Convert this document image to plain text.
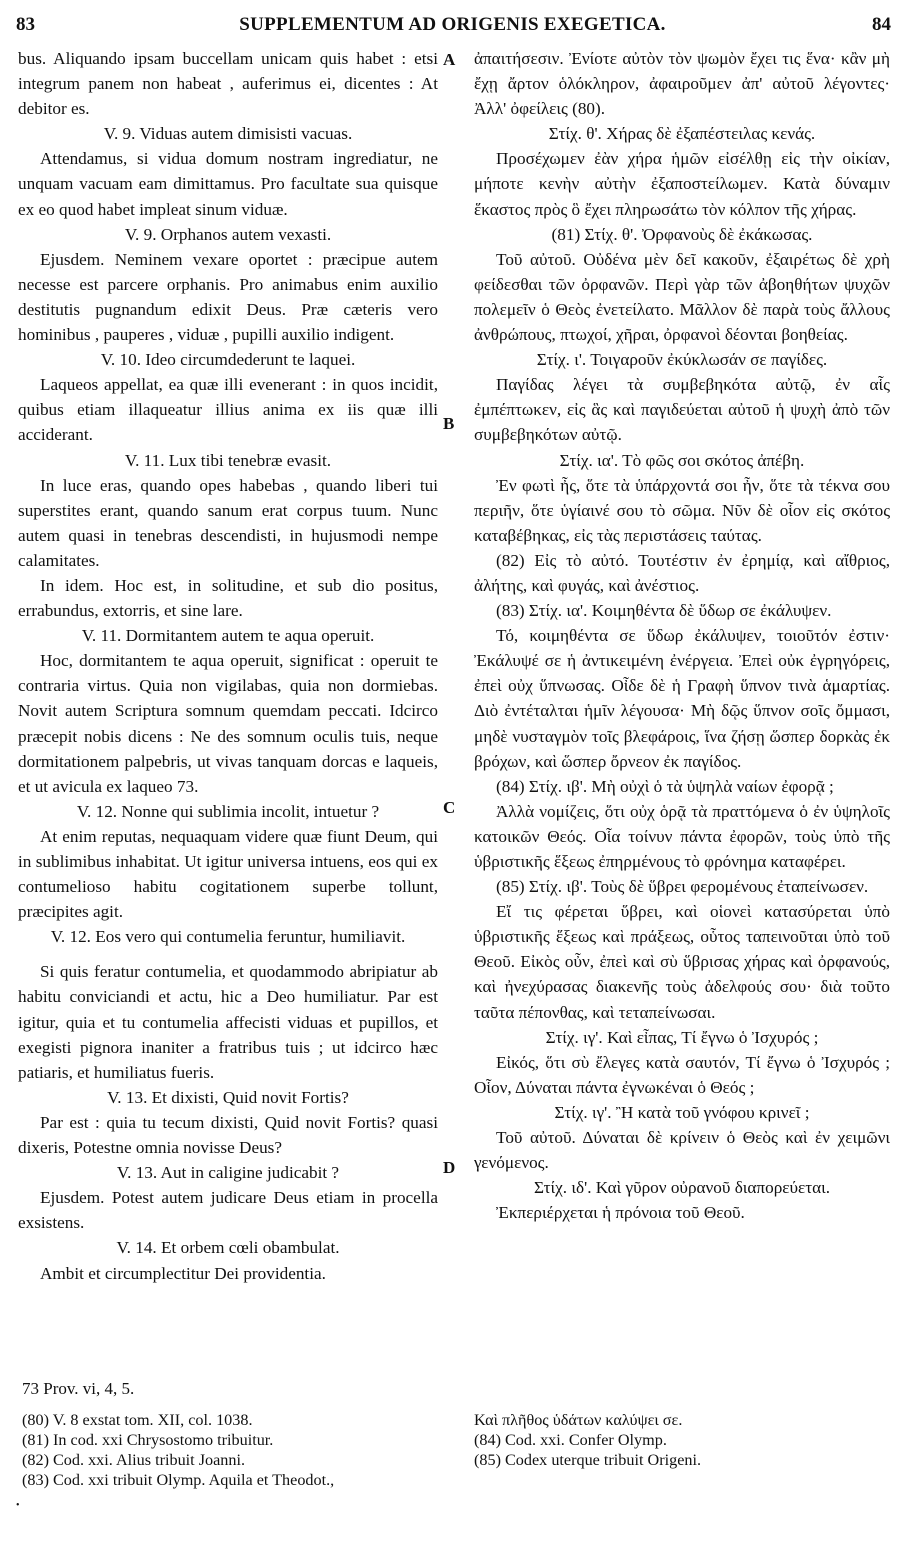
83	SUPPLEMENTUM AD ORIGENIS EXEGETICA.	84

bus. Aliquando ipsam buccellam unicam quis habet : etsi integrum panem non habeat , auferimus ei, dicentes : At debitor es.

V. 9. Viduas autem dimisisti vacuas.

Attendamus, si vidua domum nostram ingrediatur, ne unquam vacuam eam dimittamus. Pro facultate sua quisque ex eo quod habet impleat sinum viduæ.

V. 9. Orphanos autem vexasti.

Ejusdem. Neminem vexare oportet : præcipue autem necesse est parcere orphanis. Pro animabus enim auxilio destitutis pugnandum edixit Deus. Præ cæteris vero hominibus , pauperes , viduæ , pupilli auxilio indigent.

V. 10. Ideo circumdederunt te laquei.

Laqueos appellat, ea quæ illi evenerant : in quos incidit, quibus etiam illaqueatur illius anima ex iis quæ illi acciderant.

V. 11. Lux tibi tenebræ evasit.

In luce eras, quando opes habebas , quando liberi tui superstites erant, quando sanum erat corpus tuum. Nunc autem quasi in tenebras descendisti, in hujusmodi nempe calamitates.

In idem. Hoc est, in solitudine, et sub dio positus, errabundus, extorris, et sine lare.

V. 11. Dormitantem autem te aqua operuit.

Hoc, dormitantem te aqua operuit, significat : operuit te contraria virtus. Quia non vigilabas, quia non dormiebas. Novit autem Scriptura somnum quemdam peccati. Idcirco præcepit nobis dicens : Ne des somnum oculis tuis, neque dormitationem palpebris, ut vivas tanquam dorcas e laqueis, et ut avicula ex laqueo 73.

V. 12. Nonne qui sublimia incolit, intuetur ?

At enim reputas, nequaquam videre quæ fiunt Deum, qui in sublimibus inhabitat. Ut igitur universa intuens, eos qui ex contumelioso habitu cogitationem superbe tollunt, præcipites agit.

V. 12. Eos vero qui contumelia feruntur, humiliavit.

Si quis feratur contumelia, et quodammodo abripiatur ab habitu conviciandi et actu, hic a Deo humiliatur. Par est igitur, quia et tu contumelia affecisti viduas et pupillos, et exegisti pignora inaniter a fratribus tuis ; ut idcirco hæc patiaris, et humiliatus fueris.

V. 13. Et dixisti, Quid novit Fortis?

Par est : quia tu tecum dixisti, Quid novit Fortis? quasi dixeris, Potestne omnia novisse Deus?

V. 13. Aut in caligine judicabit ?

Ejusdem. Potest autem judicare Deus etiam in procella exsistens.

V. 14. Et orbem cœli obambulat.

Ambit et circumplectitur Dei providentia.

ἀπαιτήσεσιν. Ἐνίοτε αὐτὸν τὸν ψωμὸν ἔχει τις ἕνα· κἂν μὴ ἔχῃ ἄρτον ὁλόκληρον, ἀφαιροῦμεν ἀπ' αὐτοῦ λέγοντες· Ἀλλ' ὀφείλεις (80).

Στίχ. θ'. Χήρας δὲ ἐξαπέστειλας κενάς.

Προσέχωμεν ἐὰν χήρα ἡμῶν εἰσέλθῃ εἰς τὴν οἰκίαν, μήποτε κενὴν αὐτὴν ἐξαποστείλωμεν. Κατὰ δύναμιν ἕκαστος πρὸς ὃ ἔχει πληρωσάτω τὸν κόλπον τῆς χήρας.

(81) Στίχ. θ'. Ὀρφανοὺς δὲ ἐκάκωσας.

Τοῦ αὐτοῦ. Οὐδένα μὲν δεῖ κακοῦν, ἐξαιρέτως δὲ χρὴ φείδεσθαι τῶν ὀρφανῶν. Περὶ γὰρ τῶν ἀβοηθήτων ψυχῶν πολεμεῖν ὁ Θεὸς ἐνετείλατο. Μᾶλλον δὲ παρὰ τοὺς ἄλλους ἀνθρώπους, πτωχοί, χῆραι, ὀρφανοὶ δέονται βοηθείας.

Στίχ. ι'. Τοιγαροῦν ἐκύκλωσάν σε παγίδες.

Παγίδας λέγει τὰ συμβεβηκότα αὐτῷ, ἐν αἷς ἐμπέπτωκεν, εἰς ἃς καὶ παγιδεύεται αὐτοῦ ἡ ψυχὴ ἀπὸ τῶν συμβεβηκότων αὐτῷ.

Στίχ. ια'. Τὸ φῶς σοι σκότος ἀπέβη.

Ἐν φωτὶ ἦς, ὅτε τὰ ὑπάρχοντά σοι ἦν, ὅτε τὰ τέκνα σου περιῆν, ὅτε ὑγίαινέ σου τὸ σῶμα. Νῦν δὲ οἷον εἰς σκότος καταβέβηκας, εἰς τὰς περιστάσεις ταύτας.

(82) Εἰς τὸ αὐτό. Τουτέστιν ἐν ἐρημίᾳ, καὶ αἴθριος, ἀλήτης, καὶ φυγάς, καὶ ἀνέστιος.

(83) Στίχ. ια'. Κοιμηθέντα δὲ ὕδωρ σε ἐκάλυψεν.

Τό, κοιμηθέντα σε ὕδωρ ἐκάλυψεν, τοιοῦτόν ἐστιν· Ἐκάλυψέ σε ἡ ἀντικειμένη ἐνέργεια. Ἐπεὶ οὐκ ἐγρηγόρεις, ἐπεὶ οὐχ ὕπνωσας. Οἶδε δὲ ἡ Γραφὴ ὕπνον τινὰ ἁμαρτίας. Διὸ ἐντέταλται ἡμῖν λέγουσα· Μὴ δῷς ὕπνον σοῖς ὄμμασι, μηδὲ νυσταγμὸν τοῖς βλεφάροις, ἵνα ζήσῃ ὥσπερ δορκὰς ἐκ βρόχων, καὶ ὥσπερ ὄρνεον ἐκ παγίδος.

(84) Στίχ. ιβ'. Μὴ οὐχὶ ὁ τὰ ὑψηλὰ ναίων ἐφορᾷ ;

Ἀλλὰ νομίζεις, ὅτι οὐχ ὁρᾷ τὰ πραττόμενα ὁ ἐν ὑψηλοῖς κατοικῶν Θεός. Οἷα τοίνυν πάντα ἐφορῶν, τοὺς ὑπὸ τῆς ὑβριστικῆς ἕξεως ἐπηρμένους τὸ φρόνημα καταφέρει.

(85) Στίχ. ιβ'. Τοὺς δὲ ὕβρει φερομένους ἐταπείνωσεν.

Εἴ τις φέρεται ὕβρει, καὶ οἱονεὶ κατασύρεται ὑπὸ ὑβριστικῆς ἕξεως καὶ πράξεως, οὗτος ταπεινοῦται ὑπὸ τοῦ Θεοῦ. Εἰκὸς οὖν, ἐπεὶ καὶ σὺ ὕβρισας χήρας καὶ ὀρφανούς, καὶ ἠνεχύρασας διακενῆς τοὺς ἀδελφούς σου· διὰ τοῦτο ταῦτα πέπονθας, καὶ τεταπείνωσαι.

Στίχ. ιγ'. Καὶ εἶπας, Τί ἔγνω ὁ Ἰσχυρός ;

Εἰκός, ὅτι σὺ ἔλεγες κατὰ σαυτόν, Τί ἔγνω ὁ Ἰσχυρός ; Οἷον, Δύναται πάντα ἐγνωκέναι ὁ Θεός ;

Στίχ. ιγ'. Ἢ κατὰ τοῦ γνόφου κρινεῖ ;

Τοῦ αὐτοῦ. Δύναται δὲ κρίνειν ὁ Θεὸς καὶ ἐν χειμῶνι γενόμενος.

Στίχ. ιδ'. Καὶ γῦρον οὐρανοῦ διαπορεύεται.

Ἐκπεριέρχεται ἡ πρόνοια τοῦ Θεοῦ.

A
B
C
D
73 Prov. vi, 4, 5.
(80) V. 8 exstat tom. XII, col. 1038.
(81) In cod. xxi Chrysostomo tribuitur.
(82) Cod. xxi. Alius tribuit Joanni.
(83) Cod. xxi tribuit Olymp. Aquila et Theodot.,
Καὶ πλῆθος ὑδάτων καλύψει σε.
(84) Cod. xxi. Confer Olymp.
(85) Codex uterque tribuit Origeni.
•
